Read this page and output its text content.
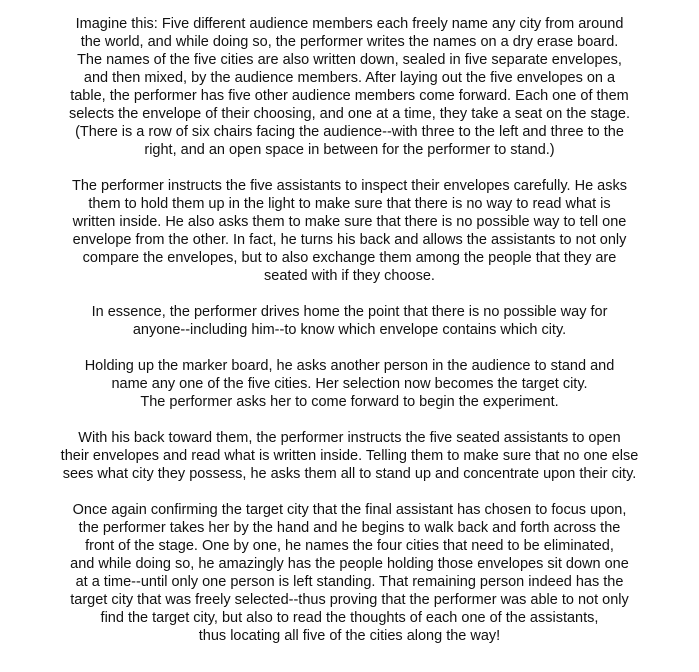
Imagine this: Five different audience members each freely name any city from around
the world, and while doing so, the performer writes the names on a dry erase board.
The names of the five cities are also written down, sealed in five separate envelopes,
and then mixed, by the audience members. After laying out the five envelopes on a
table, the performer has five other audience members come forward. Each one of them
selects the envelope of their choosing, and one at a time, they take a seat on the stage.
(There is a row of six chairs facing the audience--with three to the left and three to the
right, and an open space in between for the performer to stand.)

The performer instructs the five assistants to inspect their envelopes carefully. He asks
them to hold them up in the light to make sure that there is no way to read what is
written inside. He also asks them to make sure that there is no possible way to tell one
envelope from the other. In fact, he turns his back and allows the assistants to not only
compare the envelopes, but to also exchange them among the people that they are
seated with if they choose.

In essence, the performer drives home the point that there is no possible way for
anyone--including him--to know which envelope contains which city.

Holding up the marker board, he asks another person in the audience to stand and
name any one of the five cities. Her selection now becomes the target city.
The performer asks her to come forward to begin the experiment.

With his back toward them, the performer instructs the five seated assistants to open
their envelopes and read what is written inside. Telling them to make sure that no one else
sees what city they possess, he asks them all to stand up and concentrate upon their city.

Once again confirming the target city that the final assistant has chosen to focus upon,
the performer takes her by the hand and he begins to walk back and forth across the
front of the stage. One by one, he names the four cities that need to be eliminated,
and while doing so, he amazingly has the people holding those envelopes sit down one
at a time--until only one person is left standing. That remaining person indeed has the
target city that was freely selected--thus proving that the performer was able to not only
find the target city, but also to read the thoughts of each one of the assistants,
thus locating all five of the cities along the way!
